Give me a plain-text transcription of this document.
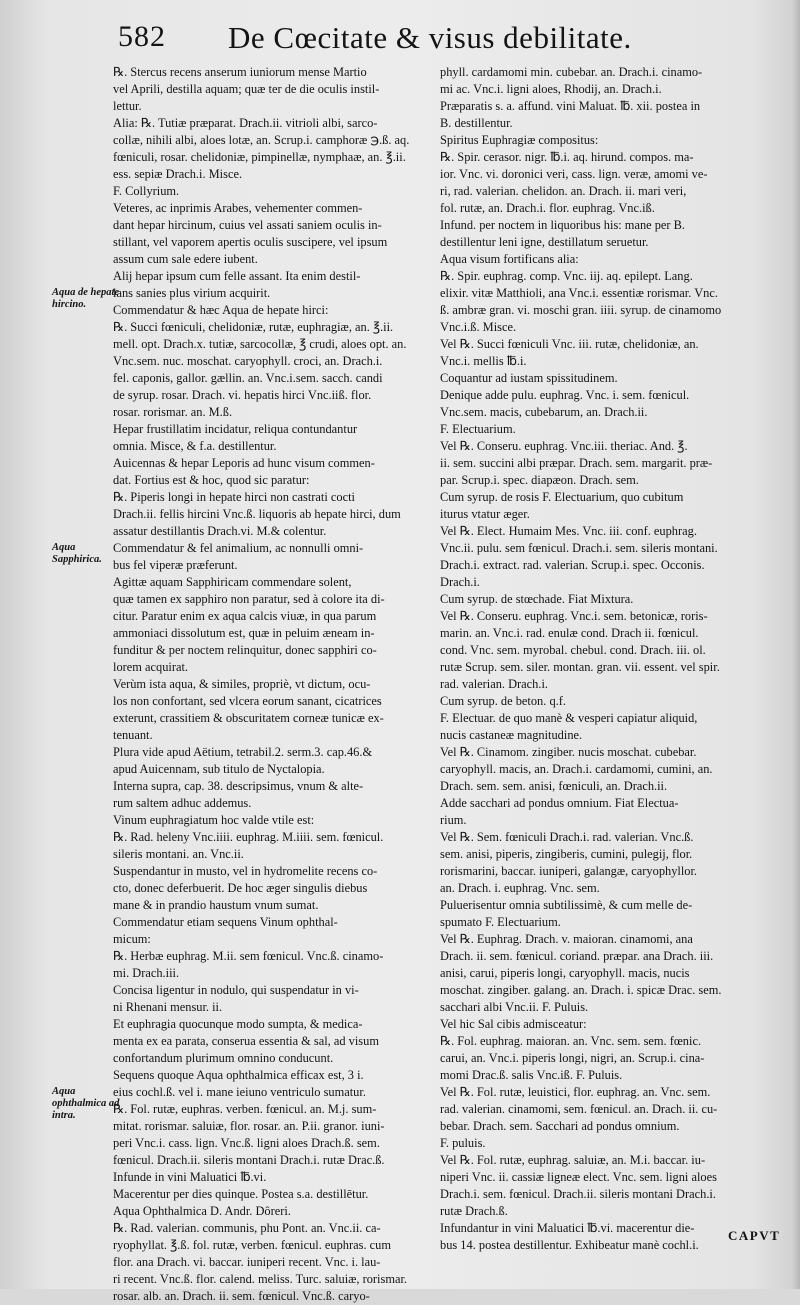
582 De Cœcitate & visus debilitate.
Aqua de hepate hircino.
Aqua Sapphirica.
Aqua ophthalmica ad intra.
℞. Stercus recens anserum iuniorum mense Martio
vel Aprili, destilla aquam; quæ ter de die oculis instil-
lettur.
Alia: ℞. Tutiæ præparat. Drach.ii. vitrioli albi, sarco-
collæ, nihili albi, aloes lotæ, an. Scrup.i. camphoræ ℈.ß. aq.
fœniculi, rosar. chelidoniæ, pimpinellæ, nymphaæ, an. ℥.ii.
ess. sepiæ Drach.i. Misce.
F. Collyrium.
Veteres, ac inprimis Arabes, vehementer commen-
dant hepar hircinum, cuius vel assati saniem oculis in-
stillant, vel vaporem apertis oculis suscipere, vel ipsum
assum cum sale edere iubent.
Alij hepar ipsum cum felle assant. Ita enim destil-
lans sanies plus virium acquirit.
Commendatur & hæc Aqua de hepate hirci:
℞. Succi fœniculi, chelidoniæ, rutæ, euphragiæ, an. ℥.ii.
mell. opt. Drach.x. tutiæ, sarcocollæ, ℥ crudi, aloes opt. an.
Vnc.sem. nuc. moschat. caryophyll. croci, an. Drach.i.
fel. caponis, gallor. gællin. an. Vnc.i.sem. sacch. candi
de syrup. rosar. Drach. vi. hepatis hirci Vnc.iiß. flor.
rosar. rorismar. an. M.ß.
Hepar frustillatim incidatur, reliqua contundantur
omnia. Misce, & f.a. destillentur.
Auicennas & hepar Leporis ad hunc visum commen-
dat. Fortius est & hoc, quod sic paratur:
℞. Piperis longi in hepate hirci non castrati cocti
Drach.ii. fellis hircini Vnc.ß. liquoris ab hepate hirci, dum
assatur destillantis Drach.vi. M.& colentur.
Commendatur & fel animalium, ac nonnulli omni-
bus fel viperæ præferunt.
Agittæ aquam Sapphiricam commendare solent,
quæ tamen ex sapphiro non paratur, sed à colore ita di-
citur. Paratur enim ex aqua calcis viuæ, in qua parum
ammoniaci dissolutum est, quæ in peluim æneam in-
funditur & per noctem relinquitur, donec sapphiri co-
lorem acquirat.
Verùm ista aqua, & similes, propriè, vt dictum, ocu-
los non confortant, sed vlcera eorum sanant, cicatrices
exterunt, crassitiem & obscuritatem corneæ tunicæ ex-
tenuant.
Plura vide apud Aëtium, tetrabil.2. serm.3. cap.46.&
apud Auicennam, sub titulo de Nyctalopia.
Interna supra, cap. 38. descripsimus, vnum & alte-
rum saltem adhuc addemus.
Vinum euphragiatum hoc valde vtile est:
℞. Rad. heleny Vnc.iiii. euphrag. M.iiii. sem. fœnicul.
sileris montani. an. Vnc.ii.
Suspendantur in musto, vel in hydromelite recens co-
cto, donec deferbuerit. De hoc æger singulis diebus
mane & in prandio haustum vnum sumat.
Commendatur etiam sequens Vinum ophthal-
micum:
℞. Herbæ euphrag. M.ii. sem fœnicul. Vnc.ß. cinamo-
mi. Drach.iii.
Concisa ligentur in nodulo, qui suspendatur in vi-
ni Rhenani mensur. ii.
Et euphragia quocunque modo sumpta, & medica-
menta ex ea parata, conserua essentia & sal, ad visum
confortandum plurimum omnino conducunt.
Sequens quoque Aqua ophthalmica efficax est, 3 i.
eius cochl.ß. vel i. mane ieiuno ventriculo sumatur.
℞. Fol. rutæ, euphras. verben. fœnicul. an. M.j. sum-
mitat. rorismar. saluiæ, flor. rosar. an. P.ii. granor. iuni-
peri Vnc.i. cass. lign. Vnc.ß. ligni aloes Drach.ß. sem.
fœnicul. Drach.ii. sileris montani Drach.i. rutæ Drac.ß.
Infunde in vini Maluatici ℔.vi.
Macerentur per dies quinque. Postea s.a. destillētur.
Aqua Ophthalmica D. Andr. Dôreri.
℞. Rad. valerian. communis, phu Pont. an. Vnc.ii. ca-
ryophyllat. ℥.ß. fol. rutæ, verben. fœnicul. euphras. cum
flor. ana Drach. vi. baccar. iuniperi recent. Vnc. i. lau-
ri recent. Vnc.ß. flor. calend. meliss. Turc. saluiæ, rorismar.
rosar. alb. an. Drach. ii. sem. fœnicul. Vnc.ß. caryo-
phyll. cardamomi min. cubebar. an. Drach.i. cinamo-
mi ac. Vnc.i. ligni aloes, Rhodij, an. Drach.i.
Præparatis s. a. affund. vini Maluat. ℔. xii. postea in
B. destillentur.
Spiritus Euphragiæ compositus:
℞. Spir. cerasor. nigr. ℔.i. aq. hirund. compos. ma-
ior. Vnc. vi. doronici veri, cass. lign. veræ, amomi ve-
ri, rad. valerian. chelidon. an. Drach. ii. mari veri,
fol. rutæ, an. Drach.i. flor. euphrag. Vnc.iß.
Infund. per noctem in liquoribus his: mane per B.
destillentur leni igne, destillatum seruetur.
Aqua visum fortificans alia:
℞. Spir. euphrag. comp. Vnc. iij. aq. epilept. Lang.
elixir. vitæ Matthioli, ana Vnc.i. essentiæ rorismar. Vnc.
ß. ambræ gran. vi. moschi gran. iiii. syrup. de cinamomo
Vnc.i.ß. Misce.
Vel ℞. Succi fœniculi Vnc. iii. rutæ, chelidoniæ, an.
Vnc.i. mellis ℔.i.
Coquantur ad iustam spissitudinem.
Denique adde pulu. euphrag. Vnc. i. sem. fœnicul.
Vnc.sem. macis, cubebarum, an. Drach.ii.
F. Electuarium.
Vel ℞. Conseru. euphrag. Vnc.iii. theriac. And. ℥.
ii. sem. succini albi præpar. Drach. sem. margarit. præ-
par. Scrup.i. spec. diapæon. Drach. sem.
Cum syrup. de rosis F. Electuarium, quo cubitum
iturus vtatur æger.
Vel ℞. Elect. Humaim Mes. Vnc. iii. conf. euphrag.
Vnc.ii. pulu. sem fœnicul. Drach.i. sem. sileris montani.
Drach.i. extract. rad. valerian. Scrup.i. spec. Occonis.
Drach.i.
Cum syrup. de stœchade. Fiat Mixtura.
Vel ℞. Conseru. euphrag. Vnc.i. sem. betonicæ, roris-
marin. an. Vnc.i. rad. enulæ cond. Drach ii. fœnicul.
cond. Vnc. sem. myrobal. chebul. cond. Drach. iii. ol.
rutæ Scrup. sem. siler. montan. gran. vii. essent. vel spir.
rad. valerian. Drach.i.
Cum syrup. de beton. q.f.
F. Electuar. de quo manè & vesperi capiatur aliquid,
nucis castaneæ magnitudine.
Vel ℞. Cinamom. zingiber. nucis moschat. cubebar.
caryophyll. macis, an. Drach.i. cardamomi, cumini, an.
Drach. sem. sem. anisi, fœniculi, an. Drach.ii.
Adde sacchari ad pondus omnium. Fiat Electua-
rium.
Vel ℞. Sem. fœniculi Drach.i. rad. valerian. Vnc.ß.
sem. anisi, piperis, zingiberis, cumini, pulegij, flor.
rorismarini, baccar. iuniperi, galangæ, caryophyllor.
an. Drach. i. euphrag. Vnc. sem.
Puluerisentur omnia subtilissimè, & cum melle de-
spumato F. Electuarium.
Vel ℞. Euphrag. Drach. v. maioran. cinamomi, ana
Drach. ii. sem. fœnicul. coriand. præpar. ana Drach. iii.
anisi, carui, piperis longi, caryophyll. macis, nucis
moschat. zingiber. galang. an. Drach. i. spicæ Drac. sem.
sacchari albi Vnc.ii. F. Puluis.
Vel hic Sal cibis admisceatur:
℞. Fol. euphrag. maioran. an. Vnc. sem. sem. fœnic.
carui, an. Vnc.i. piperis longi, nigri, an. Scrup.i. cina-
momi Drac.ß. salis Vnc.iß. F. Puluis.
Vel ℞. Fol. rutæ, leuistici, flor. euphrag. an. Vnc. sem.
rad. valerian. cinamomi, sem. fœnicul. an. Drach. ii. cu-
bebar. Drach. sem. Sacchari ad pondus omnium.
F. puluis.
Vel ℞. Fol. rutæ, euphrag. saluiæ, an. M.i. baccar. iu-
niperi Vnc. ii. cassiæ ligneæ elect. Vnc. sem. ligni aloes
Drach.i. sem. fœnicul. Drach.ii. sileris montani Drach.i.
rutæ Drach.ß.
Infundantur in vini Maluatici ℔.vi. macerentur die-
bus 14. postea destillentur. Exhibeatur manè cochl.i.
CAPVT
